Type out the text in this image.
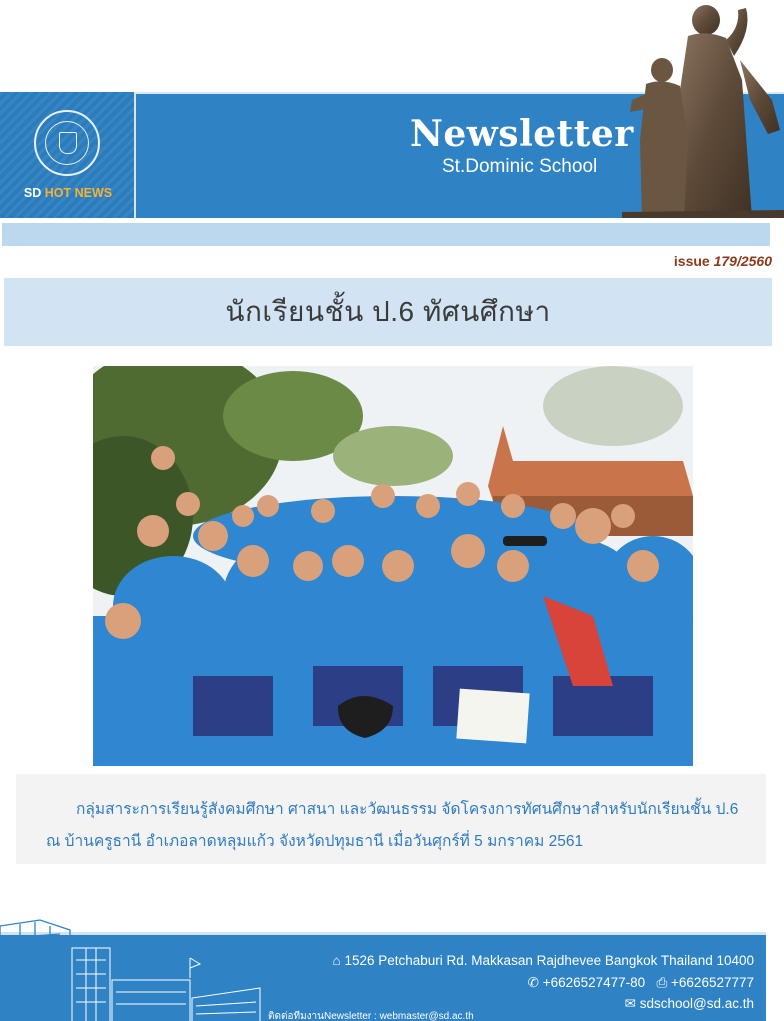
SD HOT NEWS
Newsletter
St.Dominic School
issue 179/2560
นักเรียนชั้น ป.6 ทัศนศึกษา
กลุ่มสาระการเรียนรู้สังคมศึกษา ศาสนา และวัฒนธรรม จัดโครงการทัศนศึกษาสำหรับนักเรียนชั้น ป.6
ณ บ้านครูธานี อำเภอลาดหลุมแก้ว จังหวัดปทุมธานี เมื่อวันศุกร์ที่ 5 มกราคม 2561
⌂ 1526 Petchaburi Rd. Makkasan Rajdhevee Bangkok Thailand 10400
✆ +6626527477-80 ⎙ +6626527777
✉ sdschool@sd.ac.th
ติดต่อทีมงานNewsletter : webmaster@sd.ac.th
